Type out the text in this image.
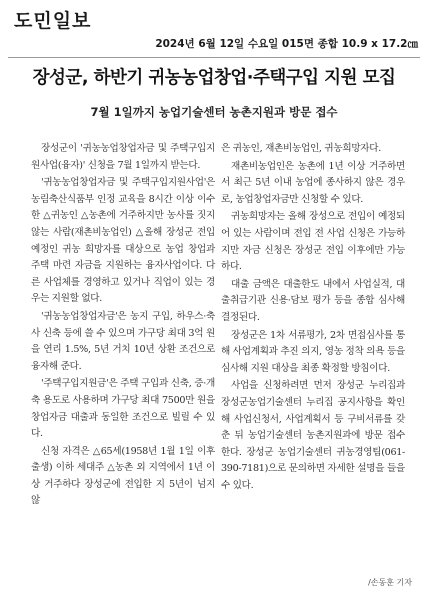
도민일보
2024년 6월 12일 수요일 015면 종합 10.9 x 17.2㎝
장성군, 하반기 귀농농업창업·주택구입 지원 모집
7월 1일까지 농업기술센터 농촌지원과 방문 접수

장성군이 '귀농농업창업자금 및 주택구입지원사업(융자)' 신청을 7월 1일까지 받는다.

'귀농농업창업자금 및 주택구입지원사업'은 농림축산식품부 인정 교육을 8시간 이상 이수한 △귀농인 △농촌에 거주하지만 농사를 짓지 않는 사람(재촌비농업인) △올해 장성군 전입 예정인 귀농 희망자를 대상으로 농업 창업과 주택 마련 자금을 지원하는 융자사업이다. 다른 사업체를 경영하고 있거나 직업이 있는 경우는 지원할 없다.

'귀농농업창업자금'은 농지 구입, 하우스·축사 신축 등에 쓸 수 있으며 가구당 최대 3억 원을 연리 1.5%, 5년 거치 10년 상환 조건으로 융자해 준다.

'주택구입지원금'은 주택 구입과 신축, 증·개축 용도로 사용하며 가구당 최대 7500만 원을 창업자금 대출과 동일한 조건으로 빌릴 수 있다.

신청 자격은 △65세(1958년 1월 1일 이후 출생) 이하 세대주 △농촌 외 지역에서 1년 이상 거주하다 장성군에 전입한 지 5년이 넘지 않

은 귀농인, 재촌비농업인, 귀농희망자다.

재촌비농업인은 농촌에 1년 이상 거주하면서 최근 5년 이내 농업에 종사하지 않은 경우로, 농업창업자금만 신청할 수 있다.

귀농희망자는 올해 장성으로 전입이 예정되어 있는 사람이며 전입 전 사업 신청은 가능하지만 자금 신청은 장성군 전입 이후에만 가능하다.

대출 금액은 대출한도 내에서 사업실적, 대출취급기관 신용·담보 평가 등을 종합 심사해 결정된다.

장성군은 1차 서류평가, 2차 면접심사를 통해 사업계획과 추진 의지, 영농 정착 의욕 등을 심사해 지원 대상을 최종 확정할 방침이다.

사업을 신청하려면 먼저 장성군 누리집과 장성군농업기술센터 누리집 공지사항을 확인해 사업신청서, 사업계획서 등 구비서류를 갖춘 뒤 농업기술센터 농촌지원과에 방문 접수한다. 장성군 농업기술센터 귀농경영팀(061-390-7181)으로 문의하면 자세한 설명을 들을 수 있다.

/손동훈 기자
